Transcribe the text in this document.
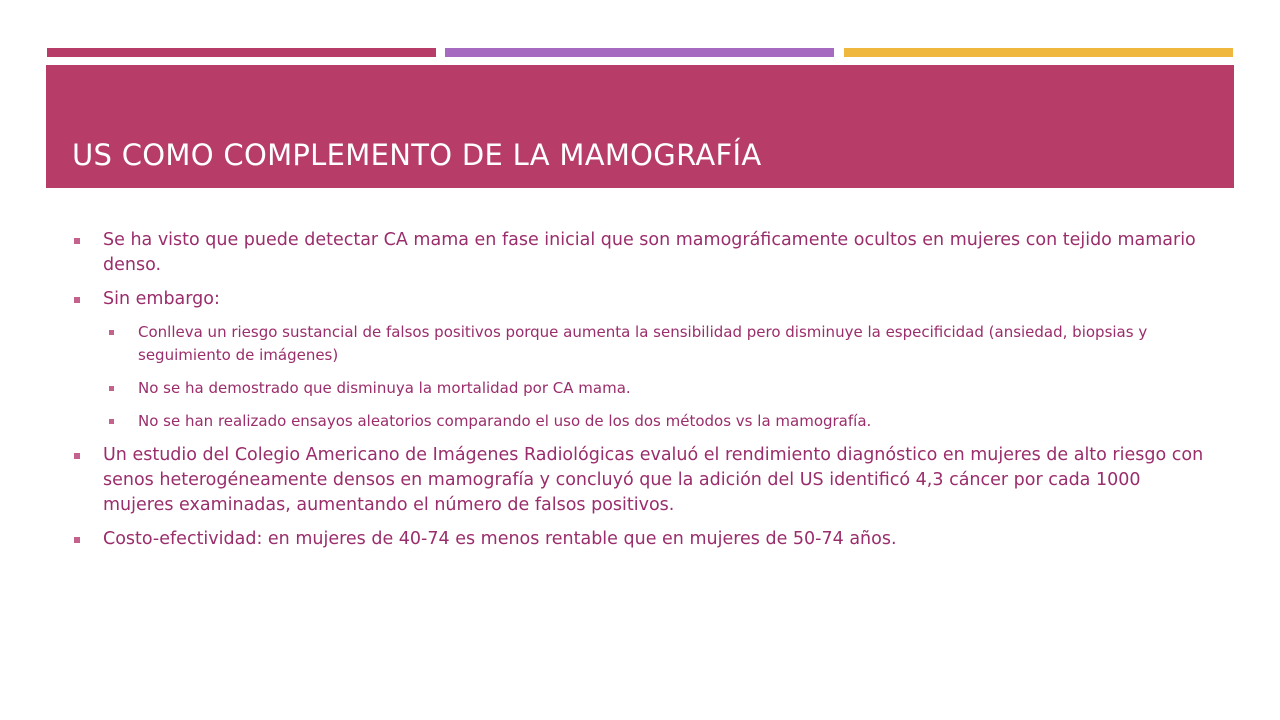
US COMO COMPLEMENTO DE LA MAMOGRAFÍA
Se ha visto que puede detectar CA mama en fase inicial que son mamográficamente ocultos en mujeres con tejido mamario denso.
Sin embargo:
Conlleva un riesgo sustancial de falsos positivos porque aumenta la sensibilidad pero disminuye la especificidad (ansiedad, biopsias y seguimiento de imágenes)
No se ha demostrado que disminuya la mortalidad por CA mama.
No se han realizado ensayos aleatorios comparando el uso de los dos métodos vs la mamografía.
Un estudio del Colegio Americano de Imágenes Radiológicas evaluó el rendimiento diagnóstico en mujeres de alto riesgo con senos heterogéneamente densos en mamografía y concluyó que la adición del US identificó 4,3 cáncer por cada 1000 mujeres examinadas, aumentando el número de falsos positivos.
Costo-efectividad: en mujeres de 40-74 es menos rentable que en mujeres de 50-74 años.
